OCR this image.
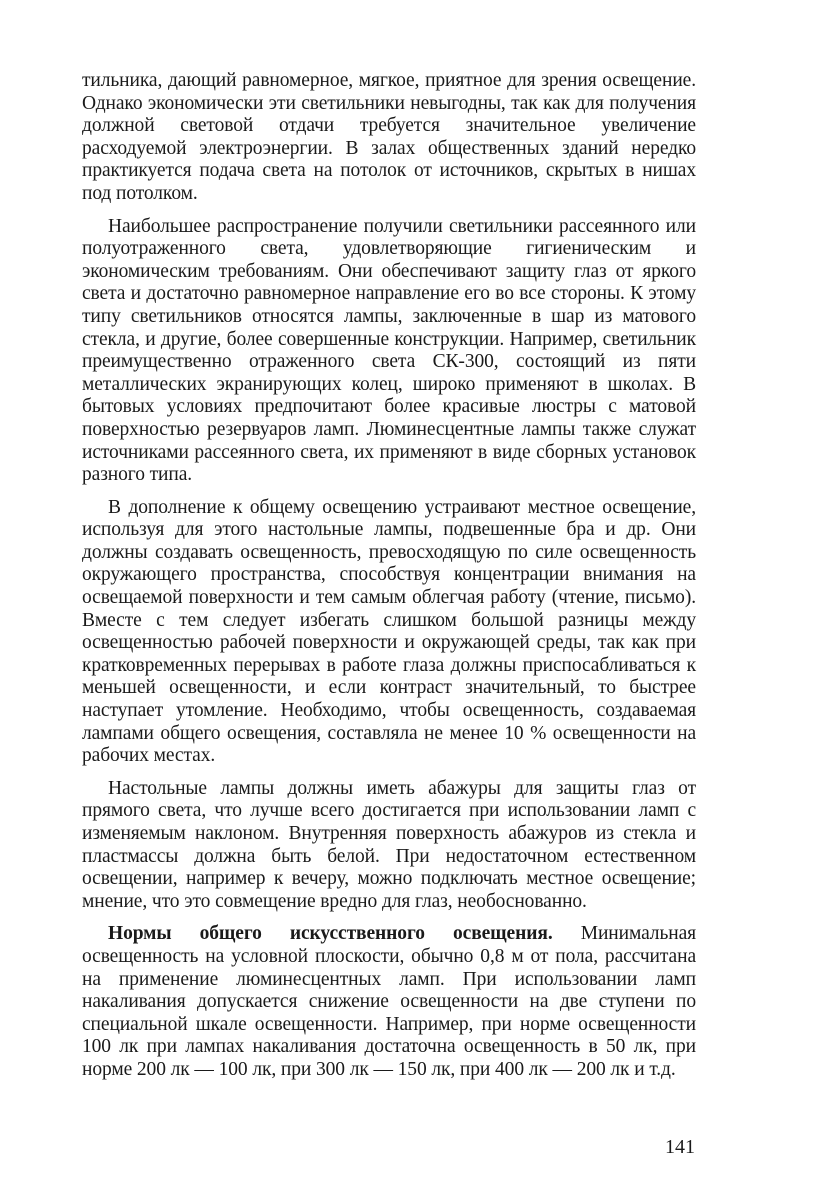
тильника, дающий равномерное, мягкое, приятное для зрения освещение. Однако экономически эти светильники невыгодны, так как для получения должной световой отдачи требуется значительное увеличение расходуемой электроэнергии. В залах общественных зданий нередко практикуется подача света на потолок от источников, скрытых в нишах под потолком.

Наибольшее распространение получили светильники рассеянного или полуотраженного света, удовлетворяющие гигиеническим и экономическим требованиям. Они обеспечивают защиту глаз от яркого света и достаточно равномерное направление его во все стороны. К этому типу светильников относятся лампы, заключенные в шар из матового стекла, и другие, более совершенные конструкции. Например, светильник преимущественно отраженного света СК-300, состоящий из пяти металлических экранирующих колец, широко применяют в школах. В бытовых условиях предпочитают более красивые люстры с матовой поверхностью резервуаров ламп. Люминесцентные лампы также служат источниками рассеянного света, их применяют в виде сборных установок разного типа.

В дополнение к общему освещению устраивают местное освещение, используя для этого настольные лампы, подвешенные бра и др. Они должны создавать освещенность, превосходящую по силе освещенность окружающего пространства, способствуя концентрации внимания на освещаемой поверхности и тем самым облегчая работу (чтение, письмо). Вместе с тем следует избегать слишком большой разницы между освещенностью рабочей поверхности и окружающей среды, так как при кратковременных перерывах в работе глаза должны приспосабливаться к меньшей освещенности, и если контраст значительный, то быстрее наступает утомление. Необходимо, чтобы освещенность, создаваемая лампами общего освещения, составляла не менее 10 % освещенности на рабочих местах.

Настольные лампы должны иметь абажуры для защиты глаз от прямого света, что лучше всего достигается при использовании ламп с изменяемым наклоном. Внутренняя поверхность абажуров из стекла и пластмассы должна быть белой. При недостаточном естественном освещении, например к вечеру, можно подключать местное освещение; мнение, что это совмещение вредно для глаз, необоснованно.

Нормы общего искусственного освещения. Минимальная освещенность на условной плоскости, обычно 0,8 м от пола, рассчитана на применение люминесцентных ламп. При использовании ламп накаливания допускается снижение освещенности на две ступени по специальной шкале освещенности. Например, при норме освещенности 100 лк при лампах накаливания достаточна освещенность в 50 лк, при норме 200 лк — 100 лк, при 300 лк — 150 лк, при 400 лк — 200 лк и т.д.

141
